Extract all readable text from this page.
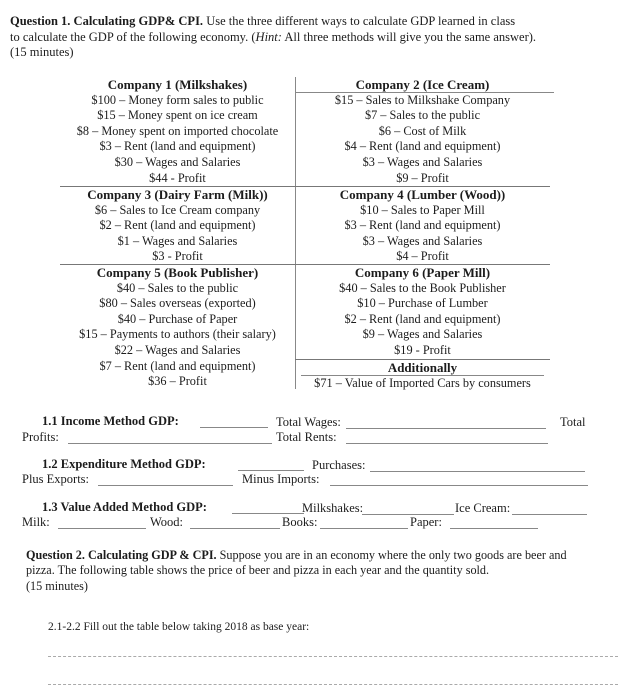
Question 1. Calculating GDP& CPI. Use the three different ways to calculate GDP learned in class
to calculate the GDP of the following economy. (Hint: All three methods will give you the same answer).
(15 minutes)
Company 1 (Milkshakes)
$100 – Money form sales to public
$15 – Money spent on ice cream
$8 – Money spent on imported chocolate
$3 – Rent (land and equipment)
$30 – Wages and Salaries
$44 - Profit
Company 3 (Dairy Farm (Milk))
$6 – Sales to Ice Cream company
$2 – Rent (land and equipment)
$1 – Wages and Salaries
$3 - Profit
Company 5 (Book Publisher)
$40 – Sales to the public
$80 – Sales overseas (exported)
$40 – Purchase of Paper
$15 – Payments to authors (their salary)
$22 – Wages and Salaries
$7 – Rent (land and equipment)
$36 – Profit
Company 2 (Ice Cream)
$15 – Sales to Milkshake Company
$7 – Sales to the public
$6 – Cost of Milk
$4 – Rent (land and equipment)
$3 – Wages and Salaries
$9 – Profit
Company 4 (Lumber (Wood))
$10 – Sales to Paper Mill
$3 – Rent (land and equipment)
$3 – Wages and Salaries
$4 – Profit
Company 6 (Paper Mill)
$40 – Sales to the Book Publisher
$10 – Purchase of Lumber
$2 – Rent (land and equipment)
$9 – Wages and Salaries
$19 - Profit
Additionally
$71 – Value of Imported Cars by consumers
1.1 Income Method GDP:	Total Wages:	Total
Profits:	Total Rents:
1.2 Expenditure Method GDP:	Purchases:
Plus Exports:	Minus Imports:
1.3 Value Added Method GDP:	Milkshakes:	Ice Cream:
Milk:	Wood:	Books:	Paper:
Question 2. Calculating GDP & CPI. Suppose you are in an economy where the only two goods are beer and pizza. The following table shows the price of beer and pizza in each year and the quantity sold.
(15 minutes)
2.1-2.2 Fill out the table below taking 2018 as base year:
